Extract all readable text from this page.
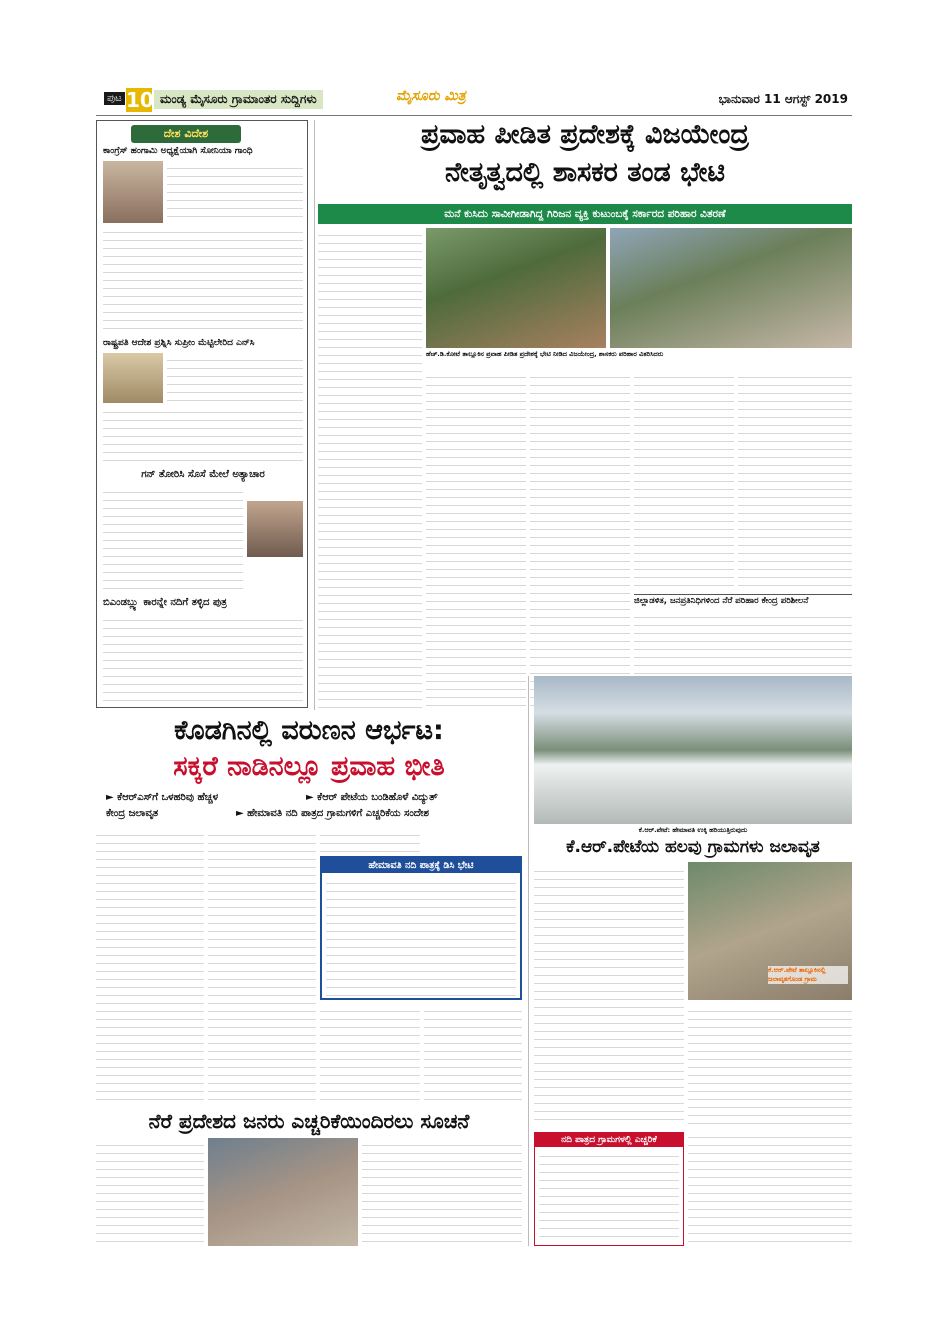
ಪುಟ 10 ಮಂಡ್ಯ ಮೈಸೂರು ಗ್ರಾಮಾಂತರ ಸುದ್ದಿಗಳು	ಮೈಸೂರು ಮಿತ್ರ	ಭಾನುವಾರ 11 ಆಗಸ್ಟ್ 2019
ದೇಶ ವಿದೇಶ
ಕಾಂಗ್ರೆಸ್ ಹಂಗಾಮಿ ಅಧ್ಯಕ್ಷೆಯಾಗಿ ಸೋನಿಯಾ ಗಾಂಧಿ
ರಾಷ್ಟ್ರಪತಿ ಆದೇಶ ಪ್ರಶ್ನಿಸಿ ಸುಪ್ರೀಂ ಮೆಟ್ಟಿಲೇರಿದ ಎನ್‌ಸಿ
ಗನ್ ತೋರಿಸಿ ಸೊಸೆ ಮೇಲೆ ಅತ್ಯಾಚಾರ
ಬಿಎಂಡಬ್ಲ್ಯು ಕಾರನ್ನೇ ನದಿಗೆ ತಳ್ಳಿದ ಪುತ್ರ
ಪ್ರವಾಹ ಪೀಡಿತ ಪ್ರದೇಶಕ್ಕೆ ವಿಜಯೇಂದ್ರ
ನೇತೃತ್ವದಲ್ಲಿ ಶಾಸಕರ ತಂಡ ಭೇಟಿ
ಮನೆ ಕುಸಿದು ಸಾವೀಗೀಡಾಗಿದ್ದ ಗಿರಿಜನ ವ್ಯಕ್ತಿ ಕುಟುಂಬಕ್ಕೆ ಸರ್ಕಾರದ ಪರಿಹಾರ ವಿತರಣೆ
ಹೆಚ್.ಡಿ.ಕೋಟೆ ತಾಲ್ಲೂಕಿನ ಪ್ರವಾಹ ಪೀಡಿತ ಪ್ರದೇಶಕ್ಕೆ ಭೇಟಿ ನೀಡಿದ ವಿಜಯೇಂದ್ರ, ಶಾಸಕರು ಪರಿಹಾರ ವಿತರಿಸಿದರು
ಜಿಲ್ಲಾಡಳಿತ, ಜನಪ್ರತಿನಿಧಿಗಳಿಂದ ನೆರೆ ಪರಿಹಾರ ಕೇಂದ್ರ ಪರಿಶೀಲನೆ
ಕೊಡಗಿನಲ್ಲಿ ವರುಣನ ಆರ್ಭಟ:
ಸಕ್ಕರೆ ನಾಡಿನಲ್ಲೂ ಪ್ರವಾಹ ಭೀತಿ
► ಕೆಆರ್‌ಎಸ್‌ಗೆ ಒಳಹರಿವು ಹೆಚ್ಚಳ	► ಕೆಆರ್ ಪೇಟೆಯ ಬಂಡಿಹೊಳೆ ವಿದ್ಯುತ್
ಕೇಂದ್ರ ಜಲಾವೃತ	► ಹೇಮಾವತಿ ನದಿ ಪಾತ್ರದ ಗ್ರಾಮಗಳಿಗೆ ಎಚ್ಚರಿಕೆಯ ಸಂದೇಶ
ಹೇಮಾವತಿ ನದಿ ಪಾತ್ರಕ್ಕೆ ಡಿಸಿ ಭೇಟಿ
ಕೆ.ಆರ್.ಪೇಟೆ: ಹೇಮಾವತಿ ಉಕ್ಕಿ ಹರಿಯುತ್ತಿರುವುದು
ಕೆ.ಆರ್.ಪೇಟೆಯ ಹಲವು ಗ್ರಾಮಗಳು ಜಲಾವೃತ
ಕೆ.ಆರ್.ಪೇಟೆ ತಾಲ್ಲೂಕಿನಲ್ಲಿ ಜಲಾವೃತಗೊಂಡ ಗ್ರಾಮ
ನೆರೆ ಪ್ರದೇಶದ ಜನರು ಎಚ್ಚರಿಕೆಯಿಂದಿರಲು ಸೂಚನೆ
ನದಿ ಪಾತ್ರದ ಗ್ರಾಮಗಳಲ್ಲಿ ಎಚ್ಚರಿಕೆ
